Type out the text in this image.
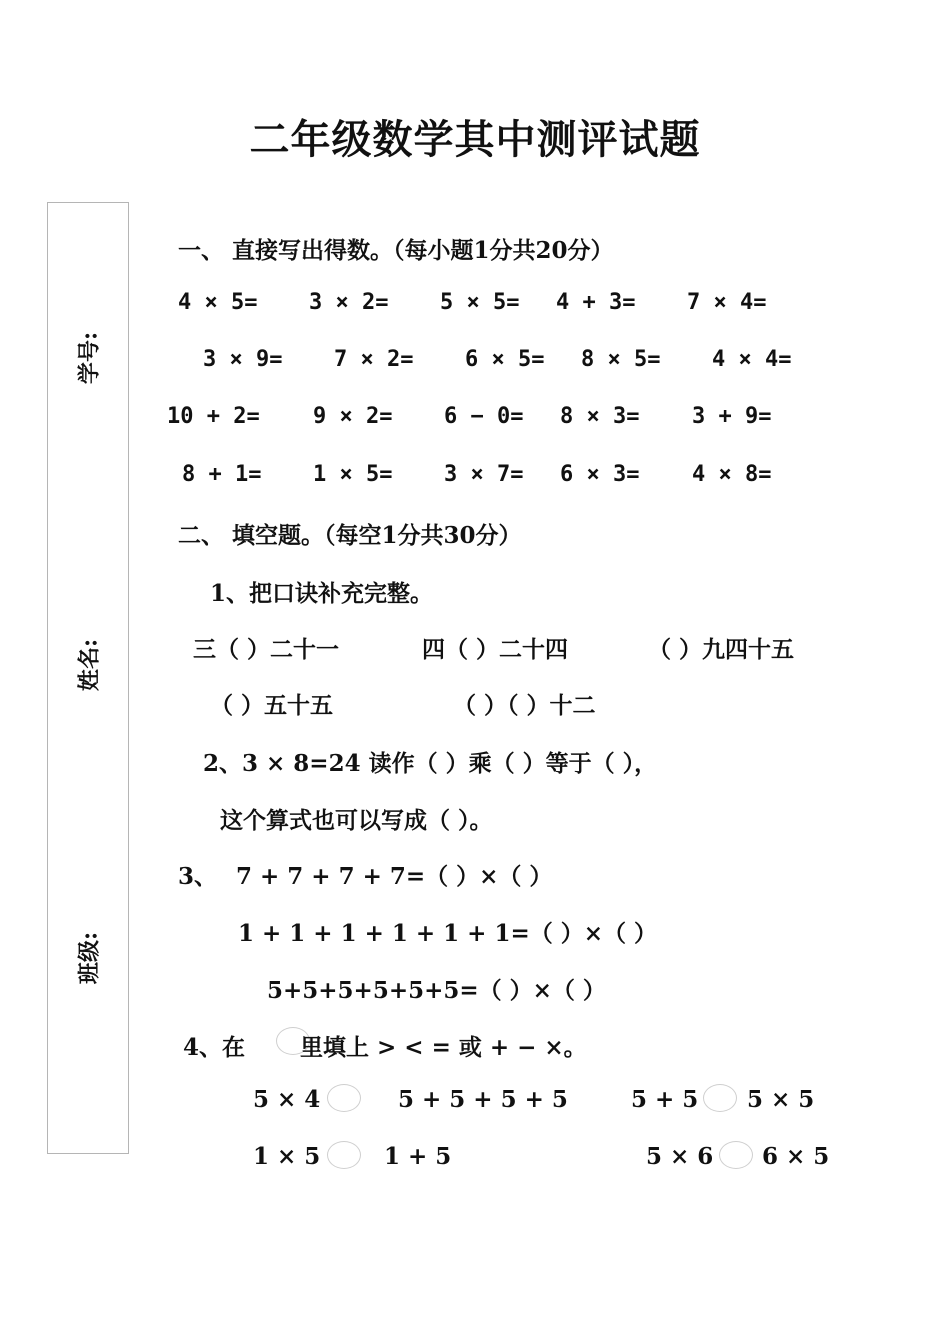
二年级数学其中测评试题
学号:
姓名:
班级:
一、 直接写出得数。（每小题1分共20分）
4 × 5= 3 × 2= 5 × 5= 4 + 3= 7 × 4=
3 × 9= 7 × 2= 6 × 5= 8 × 5= 4 × 4=
10 + 2= 9 × 2= 6 − 0= 8 × 3= 3 + 9=
8 + 1= 1 × 5= 3 × 7= 6 × 3= 4 × 8=
二、 填空题。（每空1分共30分）
1、把口诀补充完整。
三（ ）二十一	四（ ）二十四	（ ）九四十五
（ ）五十五	（ ）（ ）十二
2、3 × 8=24 读作（ ）乘（ ）等于（ ），
这个算式也可以写成（ ）。
3、 7 + 7 + 7 + 7=（ ）×（ ）
1 + 1 + 1 + 1 + 1 + 1=（ ）×（ ）
5+5+5+5+5+5=（ ）×（ ）
4、在 里填上 > < = 或 + − ×。
5 × 4	5 + 5 + 5 + 5	5 + 5 5 × 5
1 × 5	1 + 5	5 × 6 6 × 5
